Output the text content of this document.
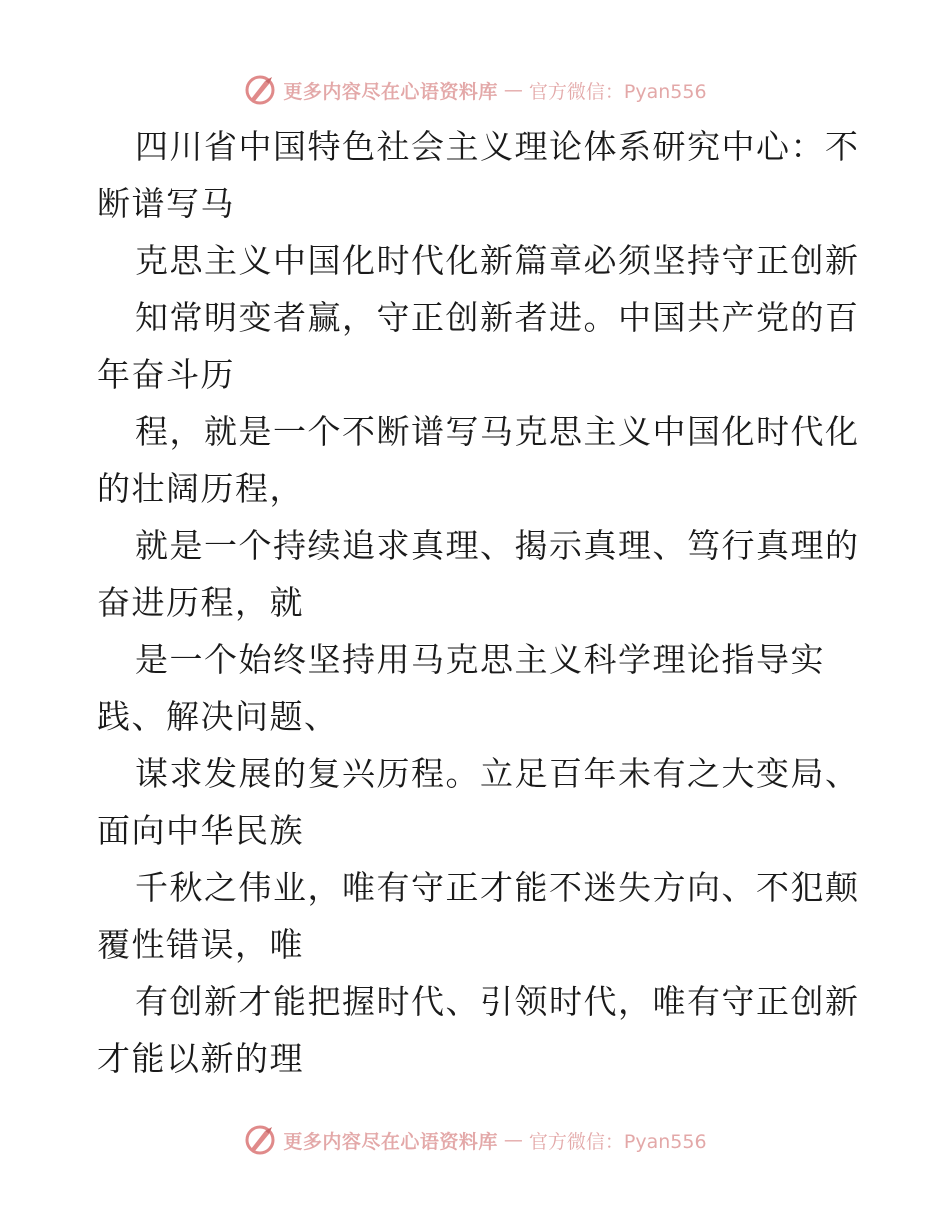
更多内容尽在心语资料库 — 官方微信：Pyan556
四川省中国特色社会主义理论体系研究中心：不
断谱写马
克思主义中国化时代化新篇章必须坚持守正创新
知常明变者赢，守正创新者进。中国共产党的百
年奋斗历
程，就是一个不断谱写马克思主义中国化时代化
的壮阔历程，
就是一个持续追求真理、揭示真理、笃行真理的
奋进历程，就
是一个始终坚持用马克思主义科学理论指导实
践、解决问题、
谋求发展的复兴历程。立足百年未有之大变局、
面向中华民族
千秋之伟业，唯有守正才能不迷失方向、不犯颠
覆性错误，唯
有创新才能把握时代、引领时代，唯有守正创新
才能以新的理
更多内容尽在心语资料库 — 官方微信：Pyan556
